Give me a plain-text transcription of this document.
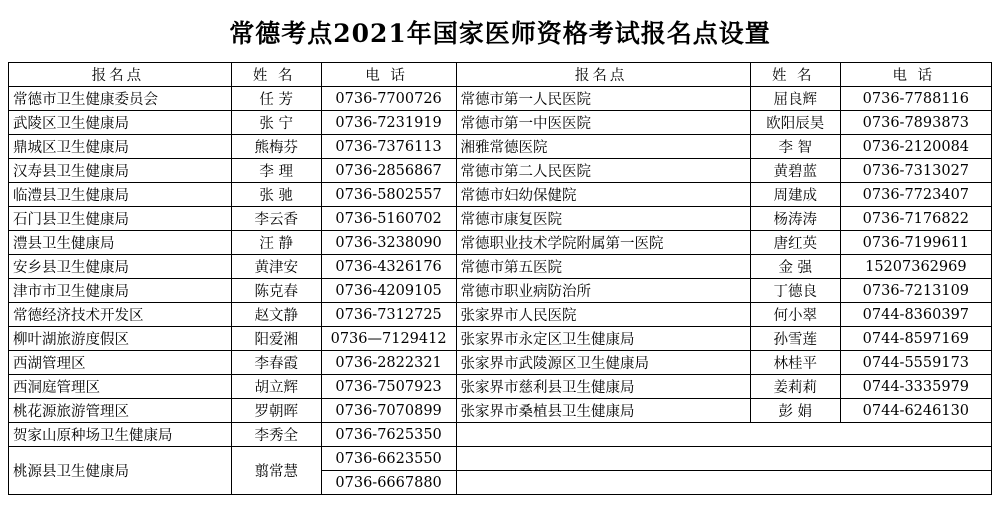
常德考点2021年国家医师资格考试报名点设置
报名点	姓 名	电 话	报名点	姓 名	电 话
常德市卫生健康委员会	任 芳	0736-7700726	常德市第一人民医院	屈良辉	0736-7788116
武陵区卫生健康局	张 宁	0736-7231919	常德市第一中医医院	欧阳辰昊	0736-7893873
鼎城区卫生健康局	熊梅芬	0736-7376113	湘雅常德医院	李 智	0736-2120084
汉寿县卫生健康局	李 理	0736-2856867	常德市第二人民医院	黄碧蓝	0736-7313027
临澧县卫生健康局	张 驰	0736-5802557	常德市妇幼保健院	周建成	0736-7723407
石门县卫生健康局	李云香	0736-5160702	常德市康复医院	杨涛涛	0736-7176822
澧县卫生健康局	汪 静	0736-3238090	常德职业技术学院附属第一医院	唐红英	0736-7199611
安乡县卫生健康局	黄津安	0736-4326176	常德市第五医院	金 强	15207362969
津市市卫生健康局	陈克春	0736-4209105	常德市职业病防治所	丁德良	0736-7213109
常德经济技术开发区	赵文静	0736-7312725	张家界市人民医院	何小翠	0744-8360397
柳叶湖旅游度假区	阳爱湘	0736—7129412	张家界市永定区卫生健康局	孙雪莲	0744-8597169
西湖管理区	李春霞	0736-2822321	张家界市武陵源区卫生健康局	林桂平	0744-5559173
西洞庭管理区	胡立辉	0736-7507923	张家界市慈利县卫生健康局	姜莉莉	0744-3335979
桃花源旅游管理区	罗朝晖	0736-7070899	张家界市桑植县卫生健康局	彭 娟	0744-6246130
贺家山原种场卫生健康局	李秀全	0736-7625350			
桃源县卫生健康局	翦常慧	0736-6623550			
		0736-6667880			
